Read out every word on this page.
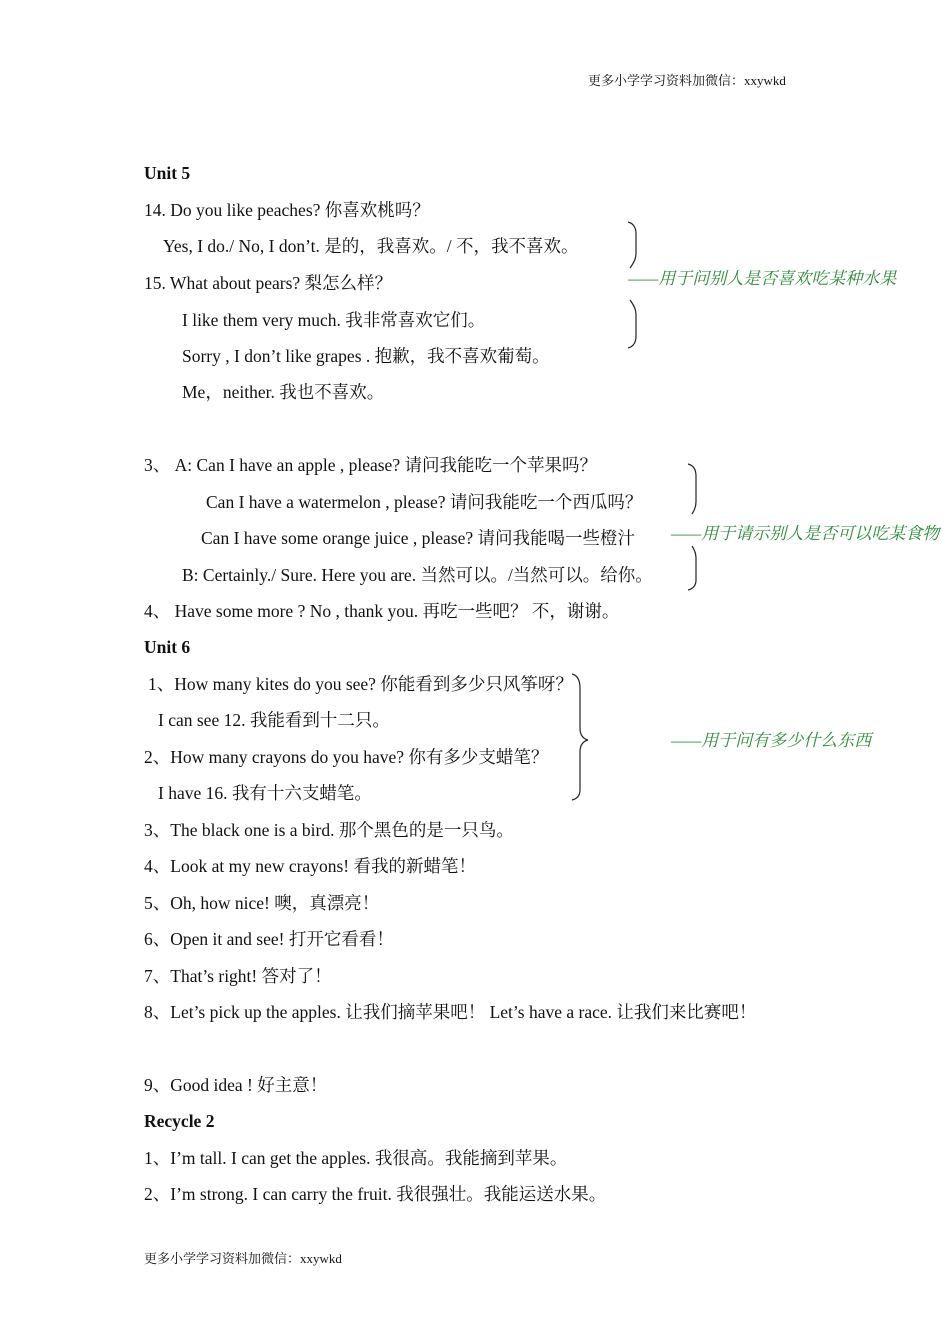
更多小学学习资料加微信：xxywkd
Unit 5
14. Do you like peaches? 你喜欢桃吗？
Yes, I do./ No, I don’t. 是的，我喜欢。/ 不，我不喜欢。
15. What about pears? 梨怎么样？
I like them very much. 我非常喜欢它们。
Sorry , I don’t like grapes . 抱歉，我不喜欢葡萄。
Me，neither. 我也不喜欢。
——用于问别人是否喜欢吃某种水果
3、 A: Can I have an apple , please? 请问我能吃一个苹果吗？
Can I have a watermelon , please? 请问我能吃一个西瓜吗？
Can I have some orange juice , please? 请问我能喝一些橙汁
B: Certainly./ Sure. Here you are. 当然可以。/当然可以。给你。
——用于请示别人是否可以吃某食物
4、 Have some more ? No , thank you. 再吃一些吧？ 不，谢谢。
Unit 6
1、How many kites do you see? 你能看到多少只风筝呀？
I can see 12. 我能看到十二只。
2、How many crayons do you have? 你有多少支蜡笔？
I have 16. 我有十六支蜡笔。
——用于问有多少什么东西
3、The black one is a bird. 那个黑色的是一只鸟。
4、Look at my new crayons! 看我的新蜡笔！
5、Oh, how nice! 噢，真漂亮！
6、Open it and see! 打开它看看！
7、That’s right! 答对了！
8、Let’s pick up the apples. 让我们摘苹果吧！ Let’s have a race. 让我们来比赛吧！
9、Good idea ! 好主意！
Recycle 2
1、I’m tall. I can get the apples. 我很高。我能摘到苹果。
2、I’m strong. I can carry the fruit. 我很强壮。我能运送水果。
更多小学学习资料加微信：xxywkd
